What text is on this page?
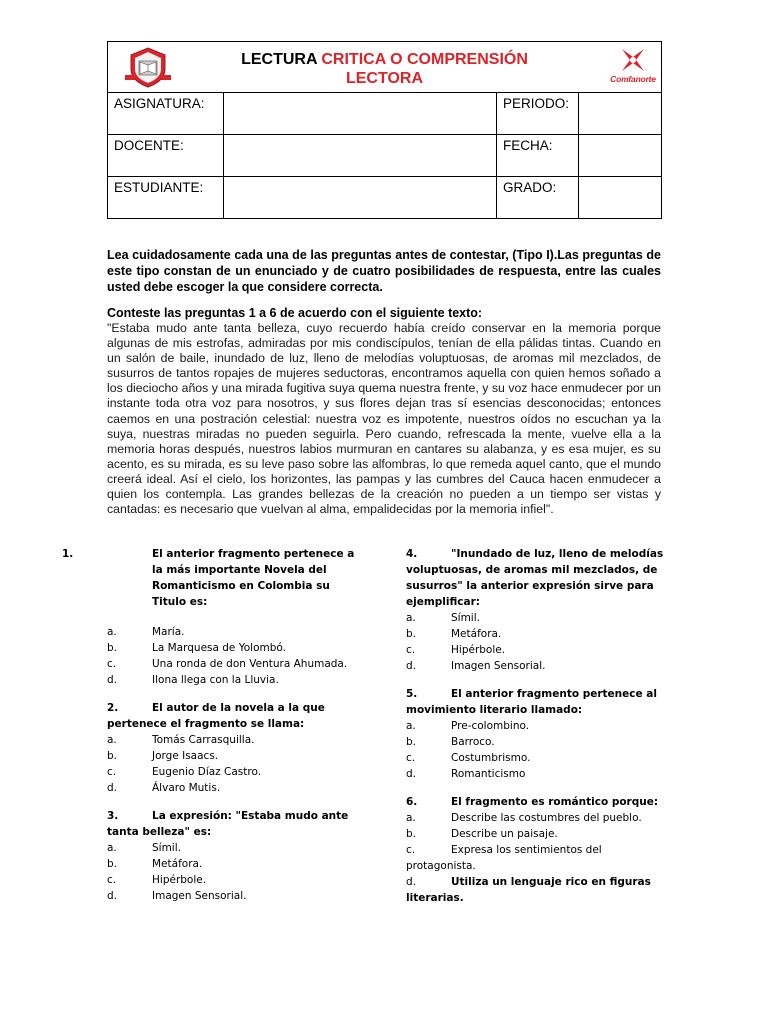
LECTURA CRITICA O COMPRENSIÓN
LECTORA			

ASIGNATURA:		PERIODO:	
DOCENTE:		FECHA:	
ESTUDIANTE:		GRADO:	
Comfanorte
Lea cuidadosamente cada una de las preguntas antes de contestar, (Tipo I).Las preguntas de este tipo constan de un enunciado y de cuatro posibilidades de respuesta, entre las cuales usted debe escoger la que considere correcta.
Conteste las preguntas 1 a 6 de acuerdo con el siguiente texto:
"Estaba mudo ante tanta belleza, cuyo recuerdo había creído conservar en la memoria porque algunas de mis estrofas, admiradas por mis condiscípulos, tenían de ella pálidas tintas. Cuando en un salón de baile, inundado de luz, lleno de melodías voluptuosas, de aromas mil mezclados, de susurros de tantos ropajes de mujeres seductoras, encontramos aquella con quien hemos soñado a los dieciocho años y una mirada fugitiva suya quema nuestra frente, y su voz hace enmudecer por un instante toda otra voz para nosotros, y sus flores dejan tras sí esencias desconocidas; entonces caemos en una postración celestial: nuestra voz es impotente, nuestros oídos no escuchan ya la suya, nuestras miradas no pueden seguirla. Pero cuando, refrescada la mente, vuelve ella a la memoria horas después, nuestros labios murmuran en cantares su alabanza, y es esa mujer, es su acento, es su mirada, es su leve paso sobre las alfombras, lo que remeda aquel canto, que el mundo creerá ideal. Así el cielo, los horizontes, las pampas y las cumbres del Cauca hacen enmudecer a quien los contempla. Las grandes bellezas de la creación no pueden a un tiempo ser vistas y cantadas: es necesario que vuelvan al alma, empalidecidas por la memoria infiel".
1.	El anterior fragmento pertenece a la más importante Novela del Romanticismo en Colombia su Titulo es:
a.	María.
b.	La Marquesa de Yolombó.
c.	Una ronda de don Ventura Ahumada.
d.	Ilona llega con la Lluvia.
2.	El autor de la novela a la que pertenece el fragmento se llama:
a.	Tomás Carrasquilla.
b.	Jorge Isaacs.
c.	Eugenio Díaz Castro.
d.	Álvaro Mutis.
3.	La expresión: "Estaba mudo ante tanta belleza" es:
a.	Símil.
b.	Metáfora.
c.	Hipérbole.
d.	Imagen Sensorial.
4.	"Inundado de luz, lleno de melodías voluptuosas, de aromas mil mezclados, de susurros" la anterior expresión sirve para ejemplificar:
a.	Símil.
b.	Metáfora.
c.	Hipérbole.
d.	Imagen Sensorial.
5.	El anterior fragmento pertenece al movimiento literario llamado:
a.	Pre-colombino.
b.	Barroco.
c.	Costumbrismo.
d.	Romanticismo
6.	El fragmento es romántico porque:
a.	Describe las costumbres del pueblo.
b.	Describe un paisaje.
c.	Expresa los sentimientos del protagonista.
d.	Utiliza un lenguaje rico en figuras literarias.
